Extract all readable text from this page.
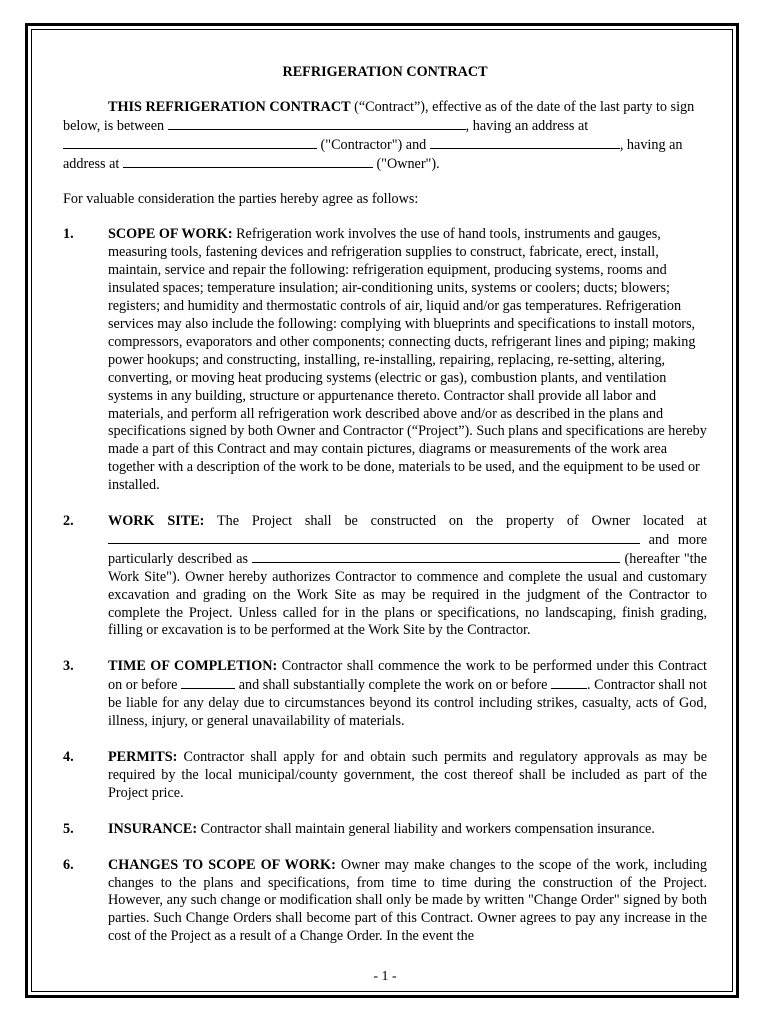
REFRIGERATION CONTRACT

THIS REFRIGERATION CONTRACT (“Contract”), effective as of the date of the last party to sign below, is between	, having an address at  ("Contractor") and	, having an address at	("Owner").

For valuable consideration the parties hereby agree as follows:

1. SCOPE OF WORK: Refrigeration work involves the use of hand tools, instruments and gauges, measuring tools, fastening devices and refrigeration supplies to construct, fabricate, erect, install, maintain, service and repair the following: refrigeration equipment, producing systems, rooms and insulated spaces; temperature insulation; air-conditioning units, systems or coolers; ducts; blowers; registers; and humidity and thermostatic controls of air, liquid and/or gas temperatures. Refrigeration services may also include the following: complying with blueprints and specifications to install motors, compressors, evaporators and other components; connecting ducts, refrigerant lines and piping; making power hookups; and constructing, installing, re-installing, repairing, replacing, re-setting, altering, converting, or moving heat producing systems (electric or gas), combustion plants, and ventilation systems in any building, structure or appurtenance thereto. Contractor shall provide all labor and materials, and perform all refrigeration work described above and/or as described in the plans and specifications signed by both Owner and Contractor (“Project”). Such plans and specifications are hereby made a part of this Contract and may contain pictures, diagrams or measurements of the work area together with a description of the work to be done, materials to be used, and the equipment to be used or installed.
2. WORK SITE: The Project shall be constructed on the property of Owner located at  and more particularly described as	(hereafter "the Work Site"). Owner hereby authorizes Contractor to commence and complete the usual and customary excavation and grading on the Work Site as may be required in the judgment of the Contractor to complete the Project. Unless called for in the plans or specifications, no landscaping, finish grading, filling or excavation is to be performed at the Work Site by the Contractor.
3. TIME OF COMPLETION: Contractor shall commence the work to be performed under this Contract on or before	and shall substantially complete the work on or before	. Contractor shall not be liable for any delay due to circumstances beyond its control including strikes, casualty, acts of God, illness, injury, or general unavailability of materials.
4. PERMITS: Contractor shall apply for and obtain such permits and regulatory approvals as may be required by the local municipal/county government, the cost thereof shall be included as part of the Project price.
5. INSURANCE: Contractor shall maintain general liability and workers compensation insurance.
6. CHANGES TO SCOPE OF WORK: Owner may make changes to the scope of the work, including changes to the plans and specifications, from time to time during the construction of the Project. However, any such change or modification shall only be made by written "Change Order" signed by both parties. Such Change Orders shall become part of this Contract. Owner agrees to pay any increase in the cost of the Project as a result of a Change Order. In the event the
- 1 -
